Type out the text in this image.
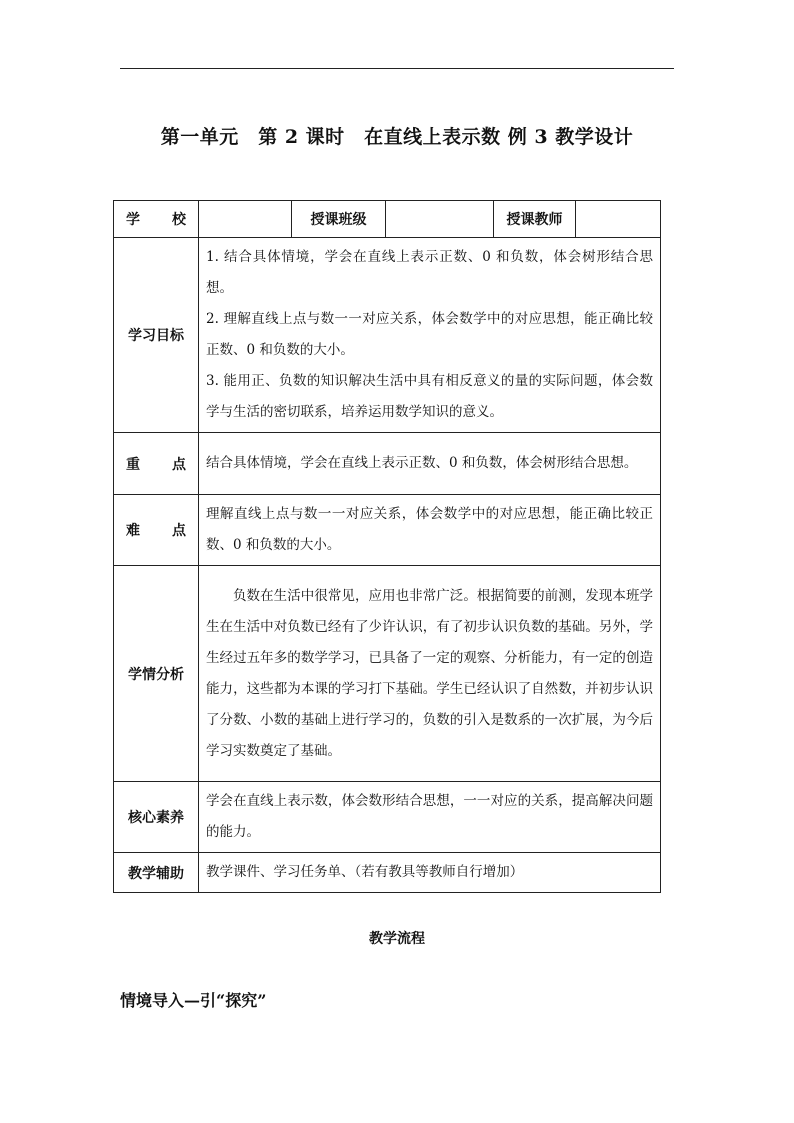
第一单元　第 2 课时　在直线上表示数 例 3 教学设计
学　　校		授课班级		授课教师	
学习目标	1. 结合具体情境，学会在直线上表示正数、0 和负数，体会树形结合思想。

2. 理解直线上点与数一一对应关系，体会数学中的对应思想，能正确比较正数、0 和负数的大小。

3. 能用正、负数的知识解决生活中具有相反意义的量的实际问题，体会数学与生活的密切联系，培养运用数学知识的意义。				

重　　点	结合具体情境，学会在直线上表示正数、0 和负数，体会树形结合思想。				
难　　点	理解直线上点与数一一对应关系，体会数学中的对应思想，能正确比较正数、0 和负数的大小。				
学情分析	负数在生活中很常见，应用也非常广泛。根据简要的前测，发现本班学生在生活中对负数已经有了少许认识，有了初步认识负数的基础。另外，学生经过五年多的数学学习，已具备了一定的观察、分析能力，有一定的创造能力，这些都为本课的学习打下基础。学生已经认识了自然数，并初步认识了分数、小数的基础上进行学习的，负数的引入是数系的一次扩展，为今后学习实数奠定了基础。				
核心素养	学会在直线上表示数，体会数形结合思想，一一对应的关系，提高解决问题的能力。				
教学辅助	教学课件、学习任务单、（若有教具等教师自行增加）				
教学流程
情境导入—引“探究”
